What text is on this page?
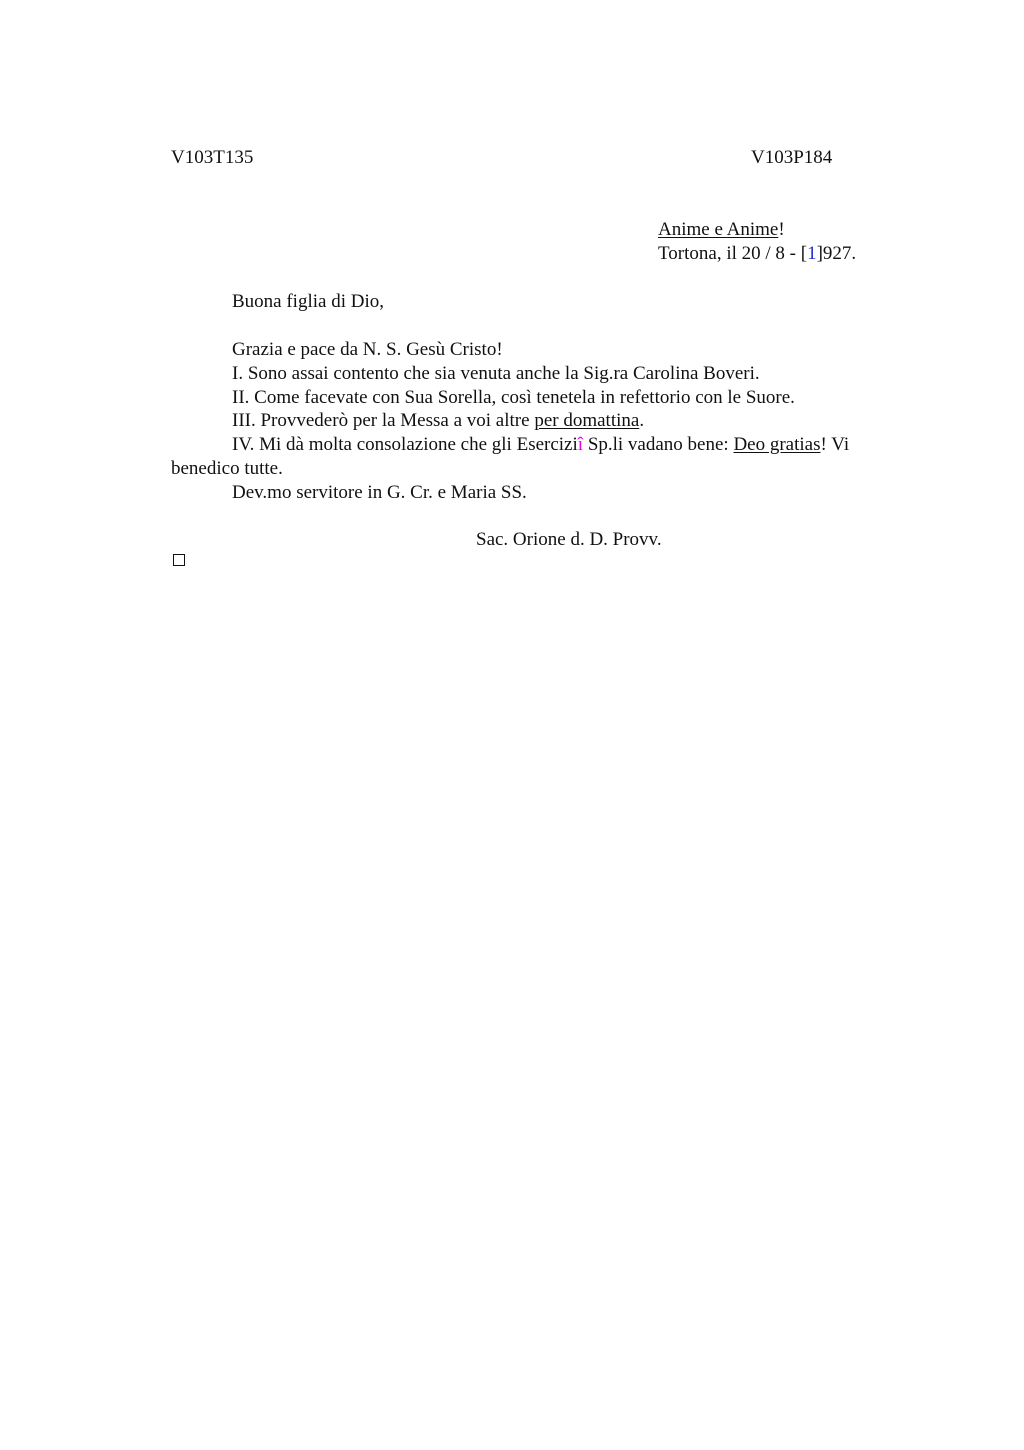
V103T135	V103P184
Anime e Anime!
Tortona, il 20 / 8 - [1]927.
Buona figlia di Dio,
Grazia e pace da N. S. Gesù Cristo!
I. Sono assai contento che sia venuta anche la Sig.ra Carolina Boveri.
II. Come facevate con Sua Sorella, così tenetela in refettorio con le Suore.
III. Provvederò per la Messa a voi altre per domattina.
IV. Mi dà molta consolazione che gli Eserciziî Sp.li vadano bene: Deo gratias! Vi benedico tutte.
Dev.mo servitore in G. Cr. e Maria SS.
Sac. Orione d. D. Provv.
